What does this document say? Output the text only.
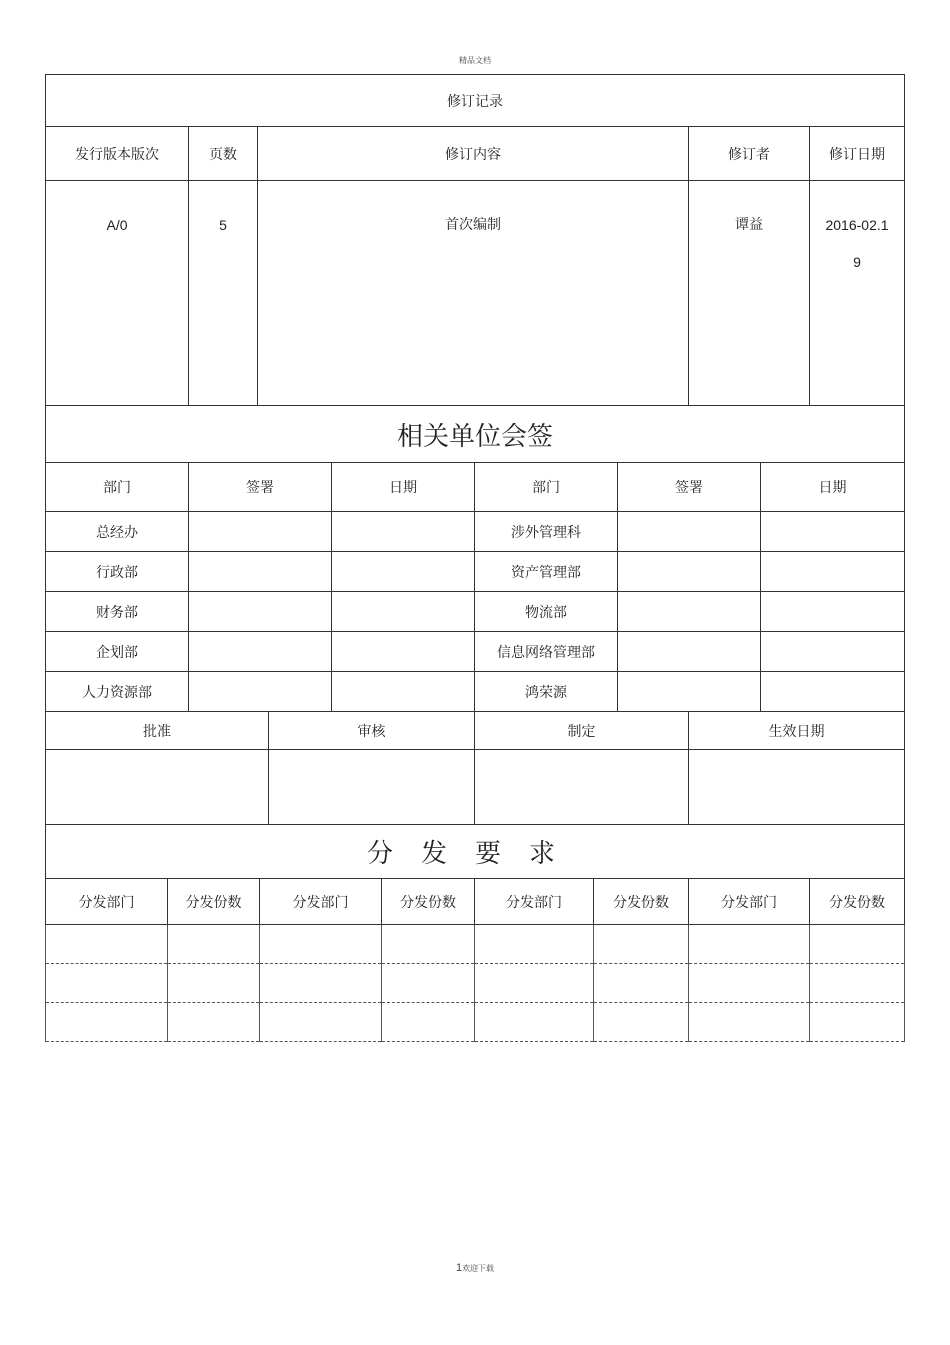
精品文档
修订记录				
发行版本版次	页数	修订内容	修订者	修订日期

A/0	5	首次编制	谭益	2016-02.1
9
相关单位会签					
部门	签署	日期	部门	签署	日期
总经办			涉外管理科		
行政部			资产管理部		
财务部			物流部		
企划部			信息网络管理部		
人力资源部			鸿荣源		
批准	审核	制定	生效日期

分发要求							
分发部门	分发份数	分发部门	分发份数	分发部门	分发份数	分发部门	分发份数

1欢迎下载
